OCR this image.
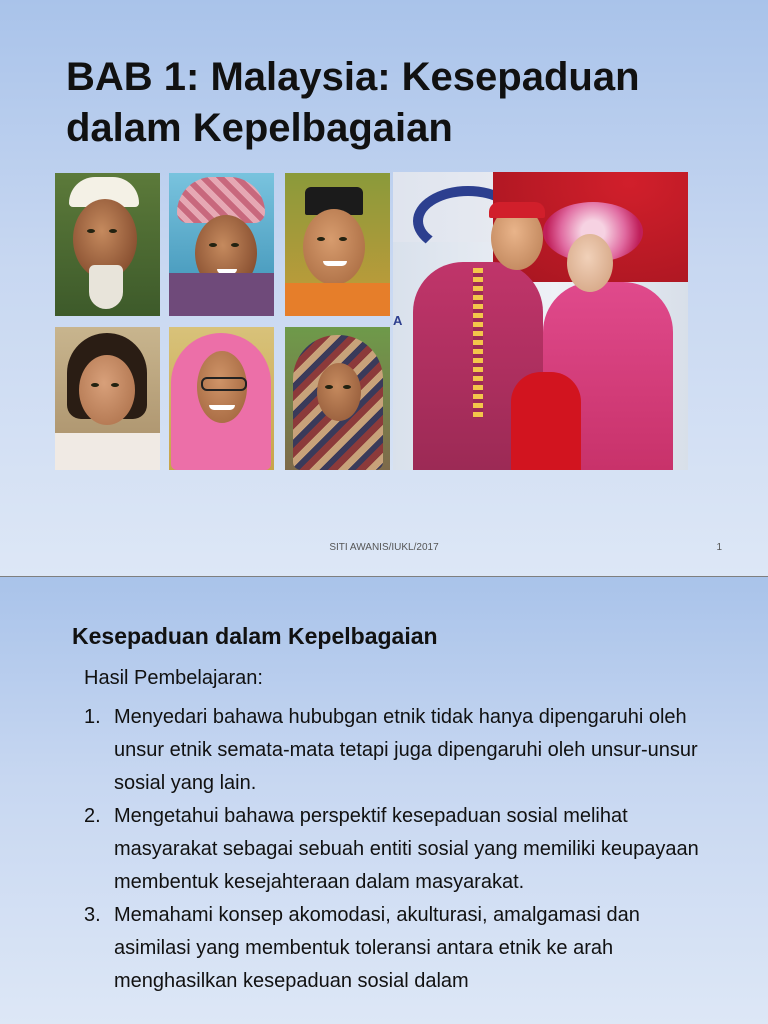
BAB 1: Malaysia: Kesepaduan dalam Kepelbagaian
A
SITI AWANIS/IUKL/2017	1
Kesepaduan dalam Kepelbagaian
Hasil Pembelajaran:
1. Menyedari bahawa hububgan etnik tidak hanya dipengaruhi oleh unsur etnik semata-mata tetapi juga dipengaruhi oleh unsur-unsur sosial yang lain.
2. Mengetahui bahawa perspektif kesepaduan sosial melihat masyarakat sebagai sebuah entiti sosial yang memiliki keupayaan membentuk kesejahteraan dalam masyarakat.
3. Memahami konsep akomodasi, akulturasi, amalgamasi dan asimilasi yang membentuk toleransi antara etnik ke arah menghasilkan kesepaduan sosial dalam
